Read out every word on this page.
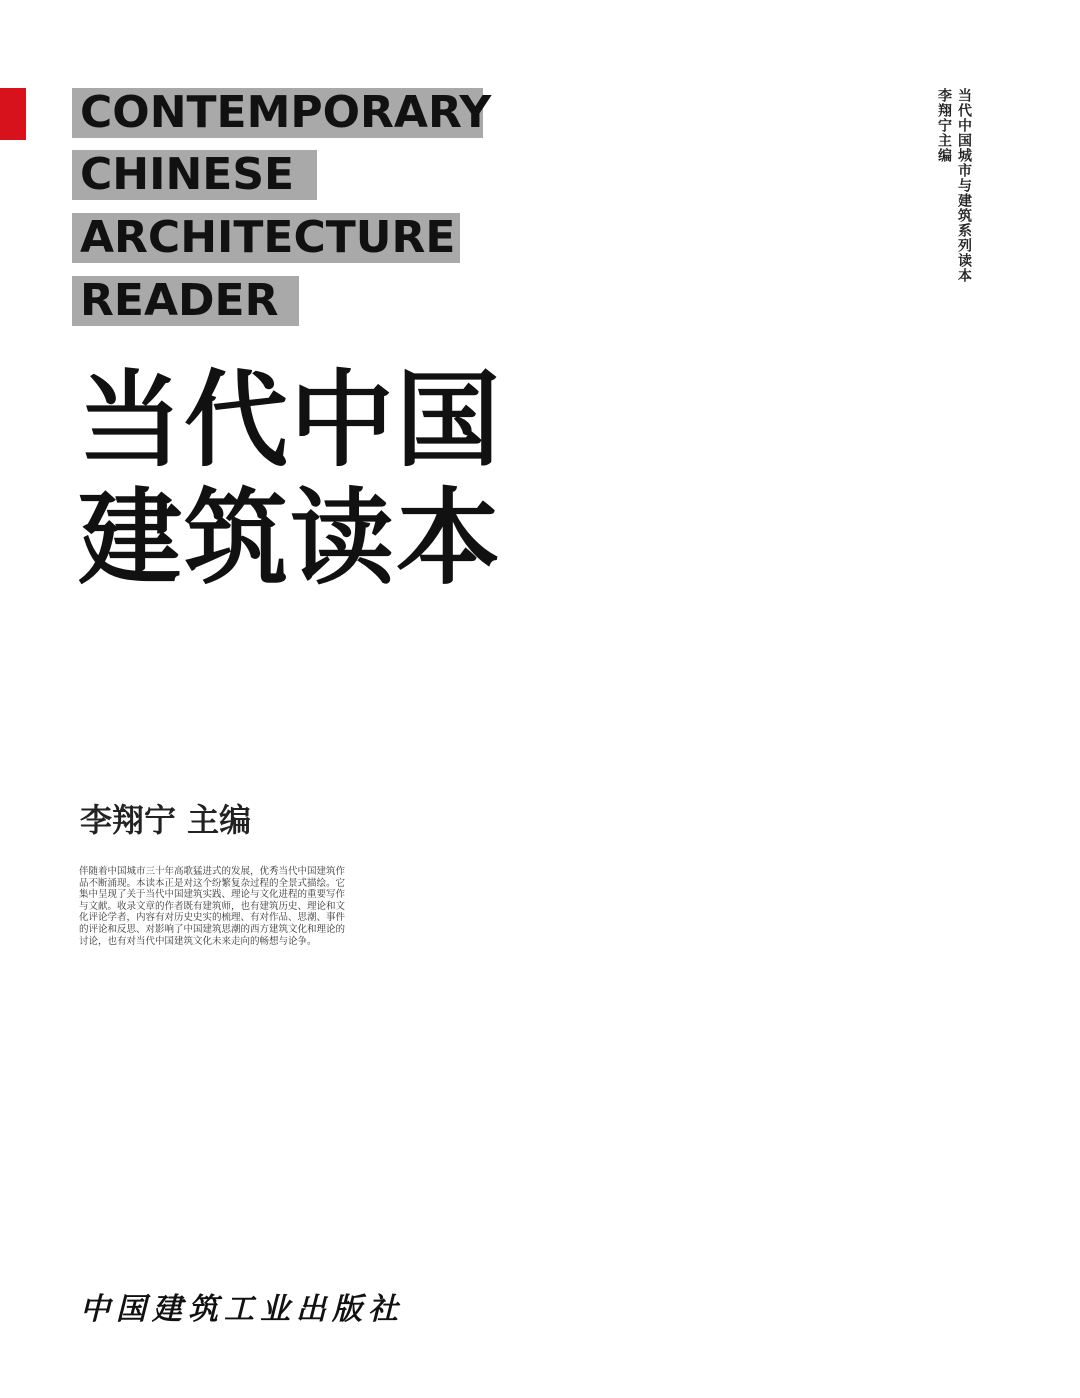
CONTEMPORARY
CHINESE
ARCHITECTURE
READER
当代中国
建筑读本
李翔宁 主编
伴随着中国城市三十年高歌猛进式的发展，优秀当代中国建筑作品不断涌现。本读本正是对这个纷繁复杂过程的全景式描绘。它集中呈现了关于当代中国建筑实践、理论与文化进程的重要写作与文献。收录文章的作者既有建筑师，也有建筑历史、理论和文化评论学者，内容有对历史史实的梳理、有对作品、思潮、事件的评论和反思、对影响了中国建筑思潮的西方建筑文化和理论的讨论，也有对当代中国建筑文化未来走向的畅想与论争。
中国建筑工业出版社
当代中国城市与建筑系列读本
李翔宁主编
